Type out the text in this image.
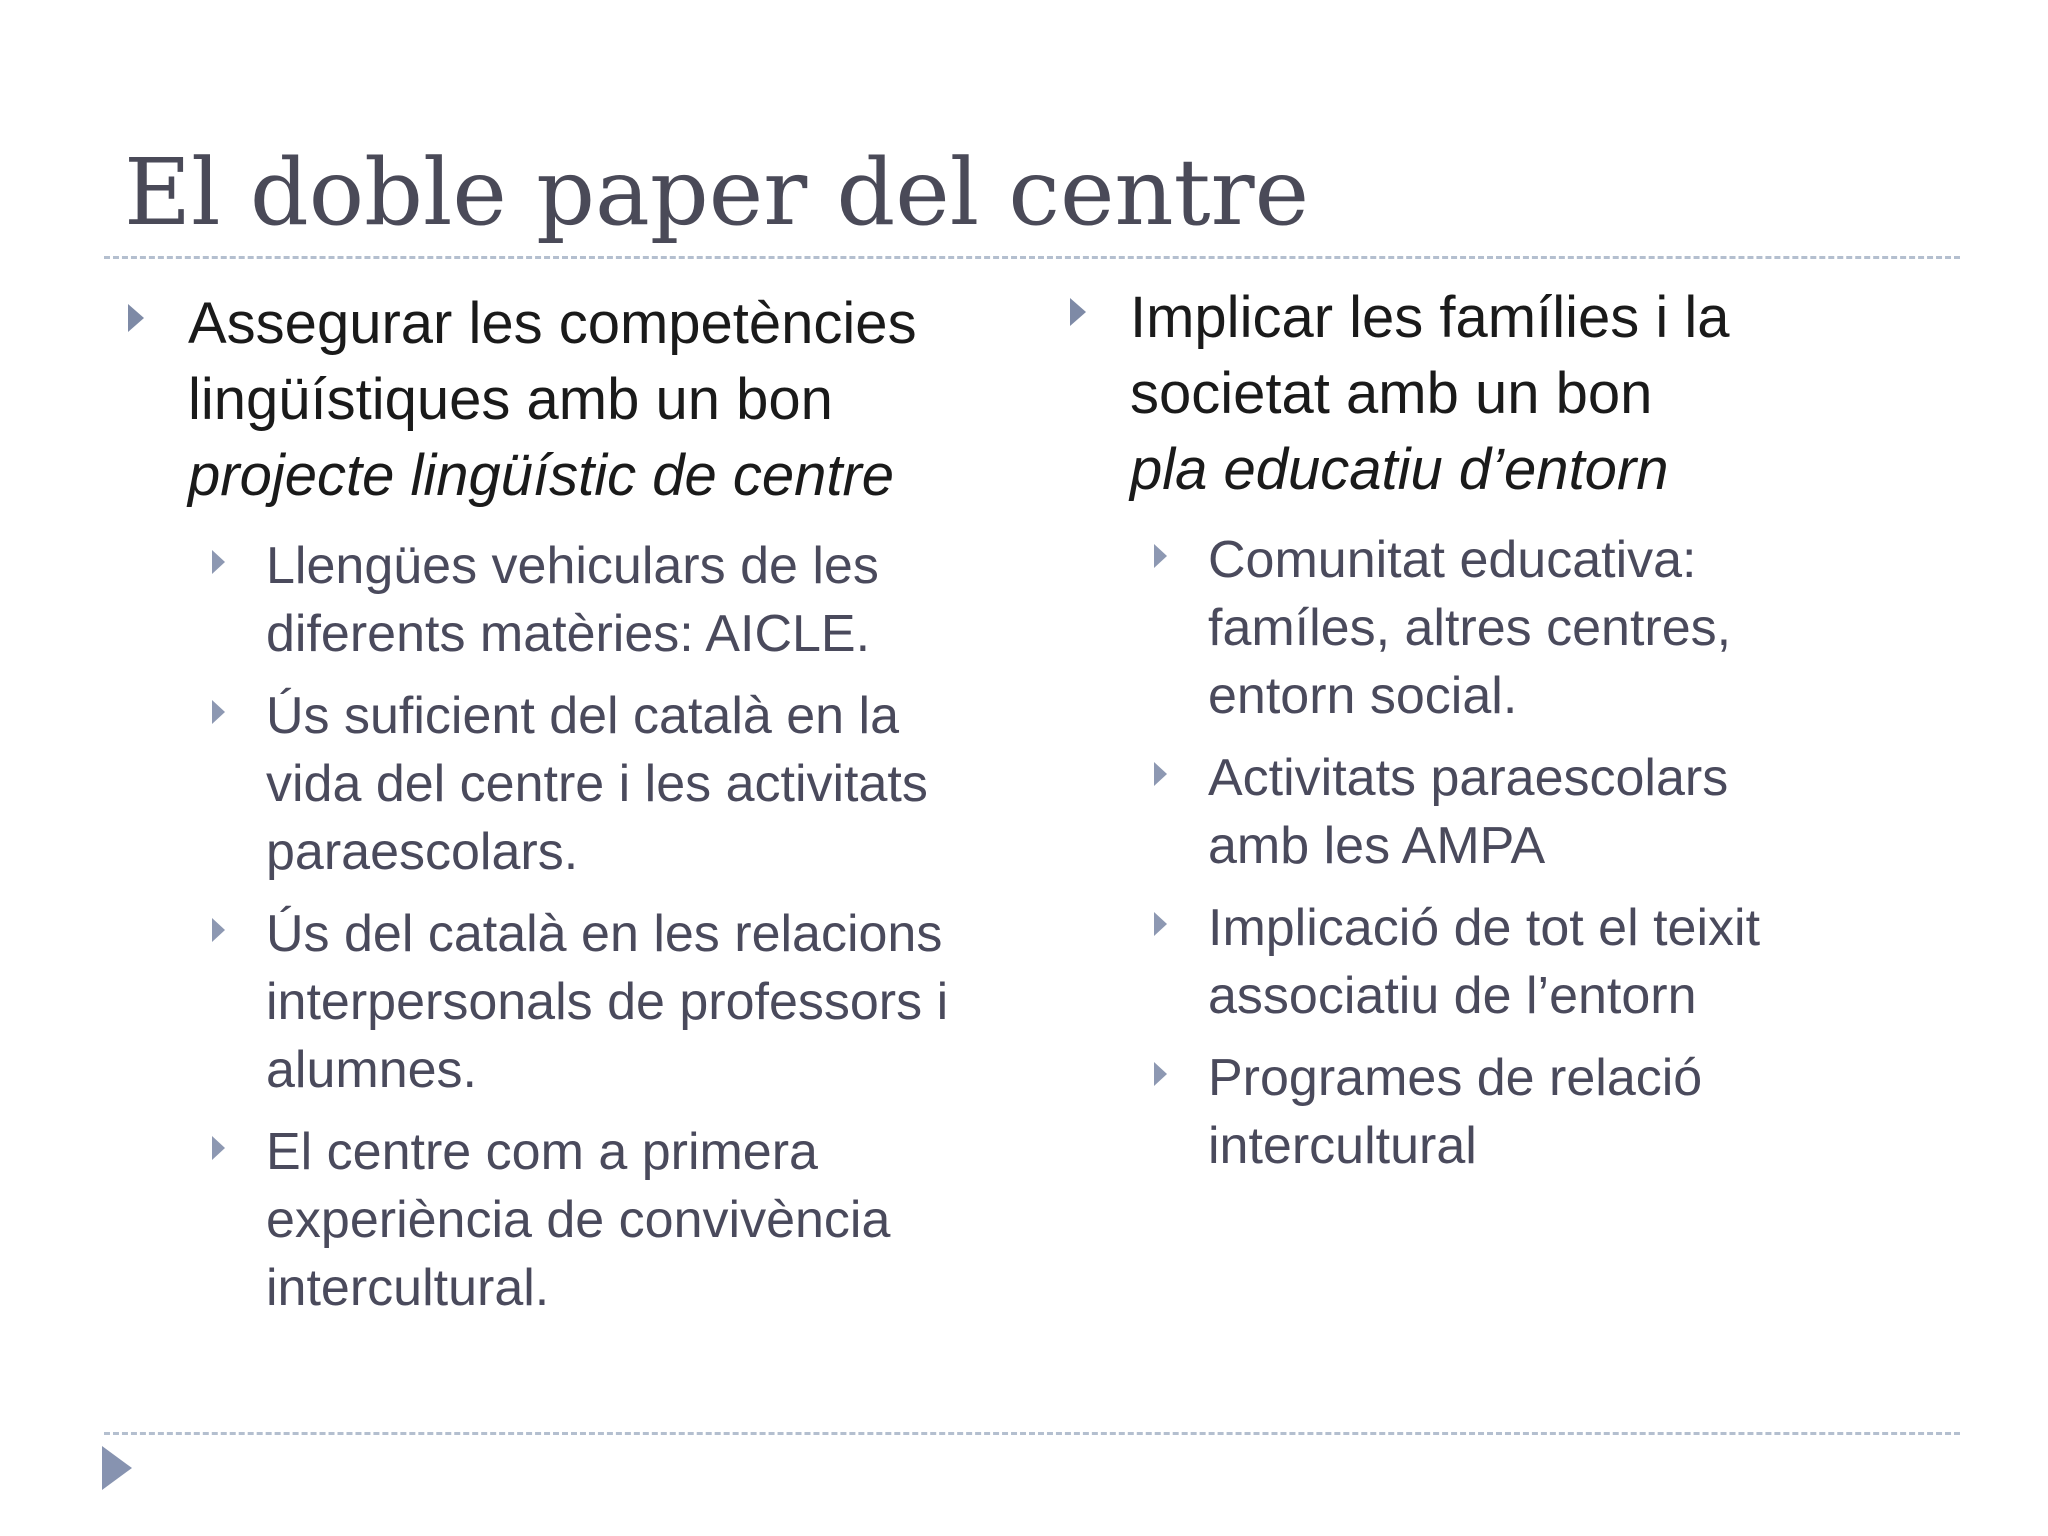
El doble paper del centre
Assegurar les competències lingüístiques amb un bon
projecte lingüístic de centre
Llengües vehiculars de les diferents matèries: AICLE.
Ús suficient del català en la vida del centre i les activitats paraescolars.
Ús del català en les relacions interpersonals de professors i alumnes.
El centre com a primera experiència de convivència intercultural.
Implicar les famílies i la societat amb un bon
pla educatiu d’entorn
Comunitat educativa: famíles, altres centres, entorn social.
Activitats paraescolars amb les AMPA
Implicació de tot el teixit associatiu de l’entorn
Programes de relació intercultural
